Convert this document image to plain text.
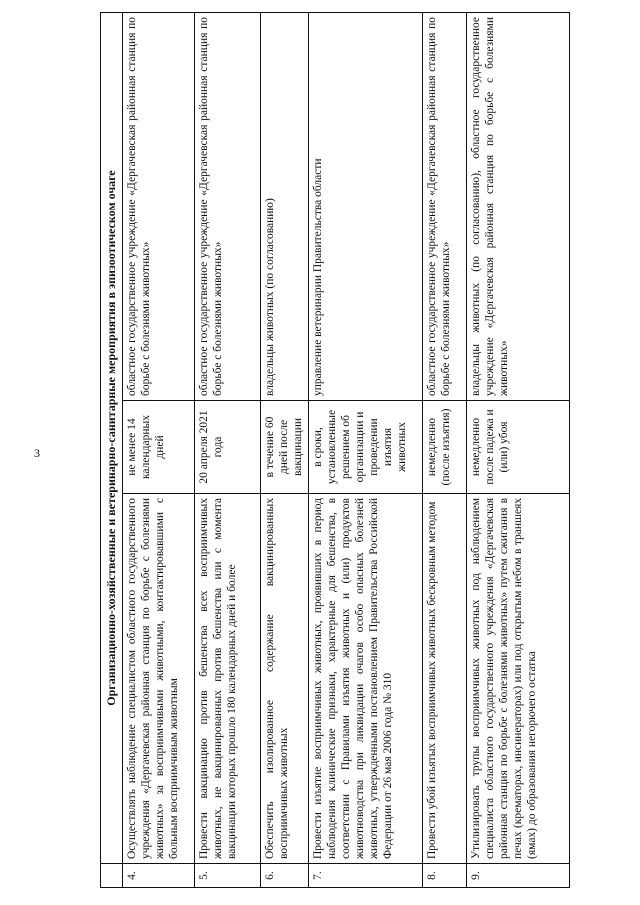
3
		Организационно-хозяйственные и ветеринарно-санитарные мероприятия в эпизоотическом очаге		
4.	Осуществлять наблюдение специалистом областного государственного учреждения «Дергачевская районная станция по борьбе с болезнями животных» за восприимчивыми животными, контактировавшими с больным восприимчивым животным	не менее 14 календарных дней	областное государственное учреждение «Дергачевская районная станция по борьбе с болезнями животных»
5.	Провести вакцинацию против бешенства всех восприимчивых животных, не вакцинированных против бешенства или с момента вакцинации которых прошло 180 календарных дней и более	20 апреля 2021 года	областное государственное учреждение «Дергачевская районная станция по борьбе с болезнями животных»
6.	Обеспечить изолированное содержание вакцинированных восприимчивых животных	в течение 60 дней после вакцинации	владельцы животных (по согласованию)
7.	Провести изъятие восприимчивых животных, проявивших в период наблюдения клинические признаки, характерные для бешенства, в соответствии с Правилами изъятия животных и (или) продуктов животноводства при ликвидации очагов особо опасных болезней животных, утвержденными постановлением Правительства Российской Федерации от 26 мая 2006 года № 310	в сроки, установленные решением об организации и проведении изъятия животных	управление ветеринарии Правительства области
8.	Провести убой изъятых восприимчивых животных бескровным методом	немедленно (после изъятия)	областное государственное учреждение «Дергачевская районная станция по борьбе с болезнями животных»
9.	Утилизировать трупы восприимчивых животных под наблюдением специалиста областного государственного учреждения «Дергачевская районная станция по борьбе с болезнями животных» путем сжигания в печах (крематорах, инсинераторах) или под открытым небом в траншеях (ямах) до образования негорючего остатка	немедленно после падежа и (или) убоя	владельцы животных (по согласованию), областное государственное учреждение «Дергачевская районная станция по борьбе с болезнями животных»
